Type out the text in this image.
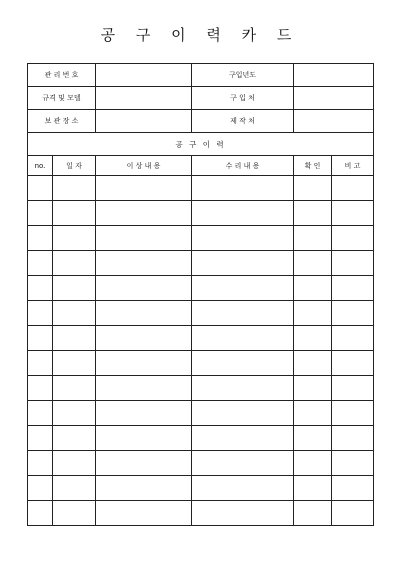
공 구 이 력 카 드
관 리 번 호			구입년도		
규격 및 모델			구 입 처		
보 관 장 소			제 작 처		
공 구 이 력					
no.	일 자	이 상 내 용	수 리 내 용	확 인	비 고
